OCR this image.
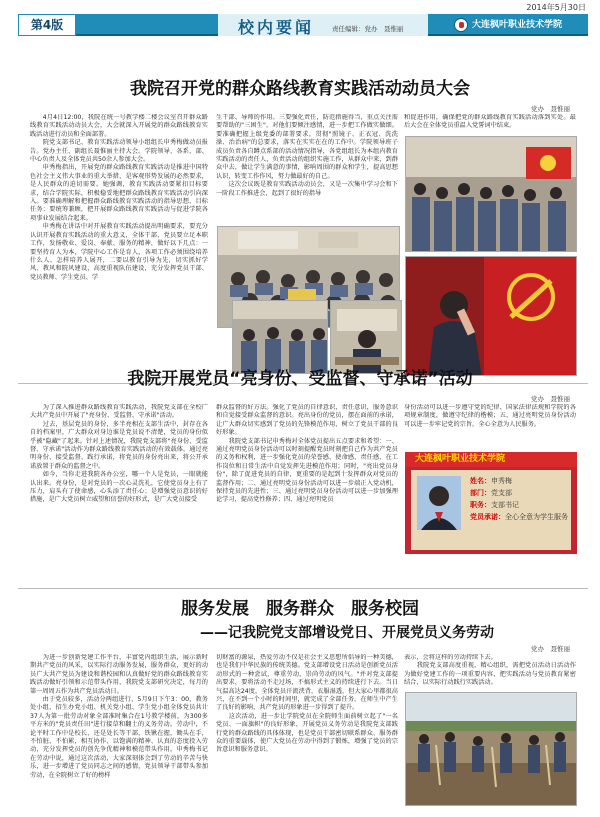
2014年5月30日
第4版	校内要闻	责任编辑：党办　聂惟丽	大连枫叶职业技术学院
我院召开党的群众路线教育实践活动动员大会
党办　聂惟丽
　　4月4日12:00，我院在统一号教学楼二楼会议室召开群众路线教育实践活动动员大会，大会就深入开展党的群众路线教育实践活动进行动员和全面部署。
　　院党支部书记、教育实践活动领导小组组长申秀梅做动员报告。党办主任、副组长聂惟丽主持大会。学院领导、各系、部、中心负责人及全体党员共50余人参加大会。
　　申秀梅指出，开展党的群众路线教育实践活动是推进中国特色社会主义伟大事业的重大举措，是客观形势发展的必然要求，是人民群众的迫切需要。她强调，教育实践活动要紧扣目标要求，结合学院实际，积极稳妥地把群众路线教育实践活动引向深入。要准确理解和把握群众路线教育实践活动的指导思想、目标任务；要统筹兼顾，把开展群众路线教育实践活动与促进学院各项事业发展结合起来。
　　申秀梅在讲话中对开展教育实践活动提出明确要求，要充分认识开展教育实践活动的重大意义，全体干部、党员要立足本职工作，发扬敬业、爱岗、奉献、服务的精神，做好以下几点：一要坚持育人为本，学院中心工作是育人，各项工作必须围绕培养什么人、怎样培养人展开，二要以教育引导为先，切实抓好学风、教风和院风建设，高度重视队伍建设，充分发挥党员干部、党员教师、学生党员、学
生干部、导师的作用。三要强化责任，防范措施得当，重点关注需要帮助的"三困生"，对他们要倾注感情，进一步把工作做实做细。要准确把握上级党委的部署要求，贯彻"照镜子、正衣冠、洗洗澡、治治病"的总要求，落实在实实在在的工作中。学院领导班子成员负责各自蹲点系部的活动情况指导，各党组组长为本组内教育实践活动的责任人，负责活动的组织实施工作，从群众中来，到群众中去，做让学生满意的事情，影响周围的群众和学生，提高思想认识，转变工作作风，努力做最好的自己。
　　这次会议既是教育实践活动动员会，又是一次集中学习会和下一阶段工作推进会，起到了很好的指导
和促进作用，确保把党的群众路线教育实践活动落到实处。最后大会在全体党员重温入党誓词中结束。
我院开展党员“亮身份、受监督、守承诺”活动
党办　聂惟丽
　　为了深入推进群众路线教育实践活动，我院党支部在全校广大共产党员中开展了"亮身份、受监督、守承诺"活动。
　　过去，基层党员的身份，多半亮相在支部生活中，封存在各自的档案里，广大群众对身边谁是党员说不清楚，党员的身份似乎被"隐藏"了起来。针对上述情况，我院党支部将"亮身份、受监督、守承诺"活动作为群众路线教育实践活动的有效载体，通过亮明身份、接受监督、践行承诺，将党员的身份亮出来，将公开承诺放置于群众的监督之中。
　　如今，当你走进我院各办公室，哪一个人是党员，一眼就能认出来。亮身份，是对党员的一次心灵洗礼，它使党员身上有了压力，肩头有了使命感，心头添了责任心；是增强党员意识的好措施，是广大党员树立威望和信誉的好形式，是广大党员接受
群众监督的好方法。强化了党员的自律意识，责任意识，服务意识和自觉接受群众监督的意识。亮出身份的党员，摆在面前的承诺，让广大群众切实感到了党员的先锋模范作用，树立了党员干部的良好形象。
　　我院党支部书记申秀梅对全体党员提出五点要求和希望：一、通过亮明党员身份活动可以时刻提醒党员时刻把自己作为共产党员的义务和权利，进一步强化党员的荣誉感、使命感、责任感，在工作岗位和日常生活中自觉发挥先进模范作用；同时，"亮出党员身份"，除了促进党员的自律，更重要的是起到十发挥群众对党员的监督作用；二、通过亮明党员身份活动可以进一步端正入党动机，保持党员的先进性；三、通过亮明党员身份活动可以进一步加强理论学习，提高党性修养；四、通过亮明党员
身份活动可以进一步遵守党的纪律、国家法律法规和学院的各项规章制度，做遵守纪律的楷模；五、通过亮明党员身份活动可以进一步牢记党的宗旨，全心全意为人民服务。
大连枫叶职业技术学院
姓名：申秀梅
部门：党支部
职务：支部书记
党员承诺：全心全意为学生服务
服务发展　服务群众　服务校园
——记我院党支部增设党日、开展党员义务劳动
党办　聂惟丽
　　为进一步创新党建工作平台，丰富党内组织生活，展示新时期共产党员的风采，以实际行动服务发展，服务群众，更好的动员广大共产党员为建设和谐校园和认真做好党的群众路线教育实践活动做好引领和示范带头作用，我院党支部研究决定，每月的第一周周五作为共产党员活动日。
　　由于党员较多，活动分两组进行，5月9日下午3：00，教务处小组、招生办党小组、机关党小组、学生党小组全体党员共计37人为第一批劳动对象全部准时集合在1号教学楼前，为300多平方米的"党员责任田"进行接草和翻土的义务劳动。劳动中，不论平时工作中是校长、还是处长等干部，铁锹在握，锄头在手，不怕脏、不怕累，相互协作、以饱满的精神、认真的态度投入劳动，充分发挥党员的创先争优精神和模范带头作用。申秀梅书记在劳动中说，通过这次活动，大家深刻体会到了劳动的辛苦与快乐，进一步增进了党员同志之间的感情，党员领导干部带头参加劳动，在全院树立了好的榜样
切财富的源泉，热爱劳动不仅是社会主义思想所倡导的一种美德，也是我们中华民族的传统美德。党支部增设党日活动是创新党员活动形式的一种尝试，尊重劳动，崇尚劳动的风气。"并对党支部提出要求，要将活动不走过场，不搞形式主义的持续进行下去。当日气温高达24度，全体党员汗流浃背，衣服湿透，但大家心里都很高兴，在不到一个小时的时间里，就完成了全部任务。在师生中产生了良好的影响，共产党员的形象进一步得到了提升。
　　这次活动，进一步让学院党员在全院师生面前树立起了"一名党员、一面旗帜"的良好形象，开展党员义务劳动是我院党支部践行党的群众路线的具体体现，也是党员干部密切联系群众、服务群众的重要载体，使广大党员在劳动中得到了锻炼，增强了党员的宗旨意识和服务意识。
表示，会将这样的劳动持续下去。
　　我院党支部高度重视，精心组织，需把党员活动日活动作为做好党建工作的一项重要内容，把实践活动与党员教育紧密结合，以实际行动践行实践活动。
